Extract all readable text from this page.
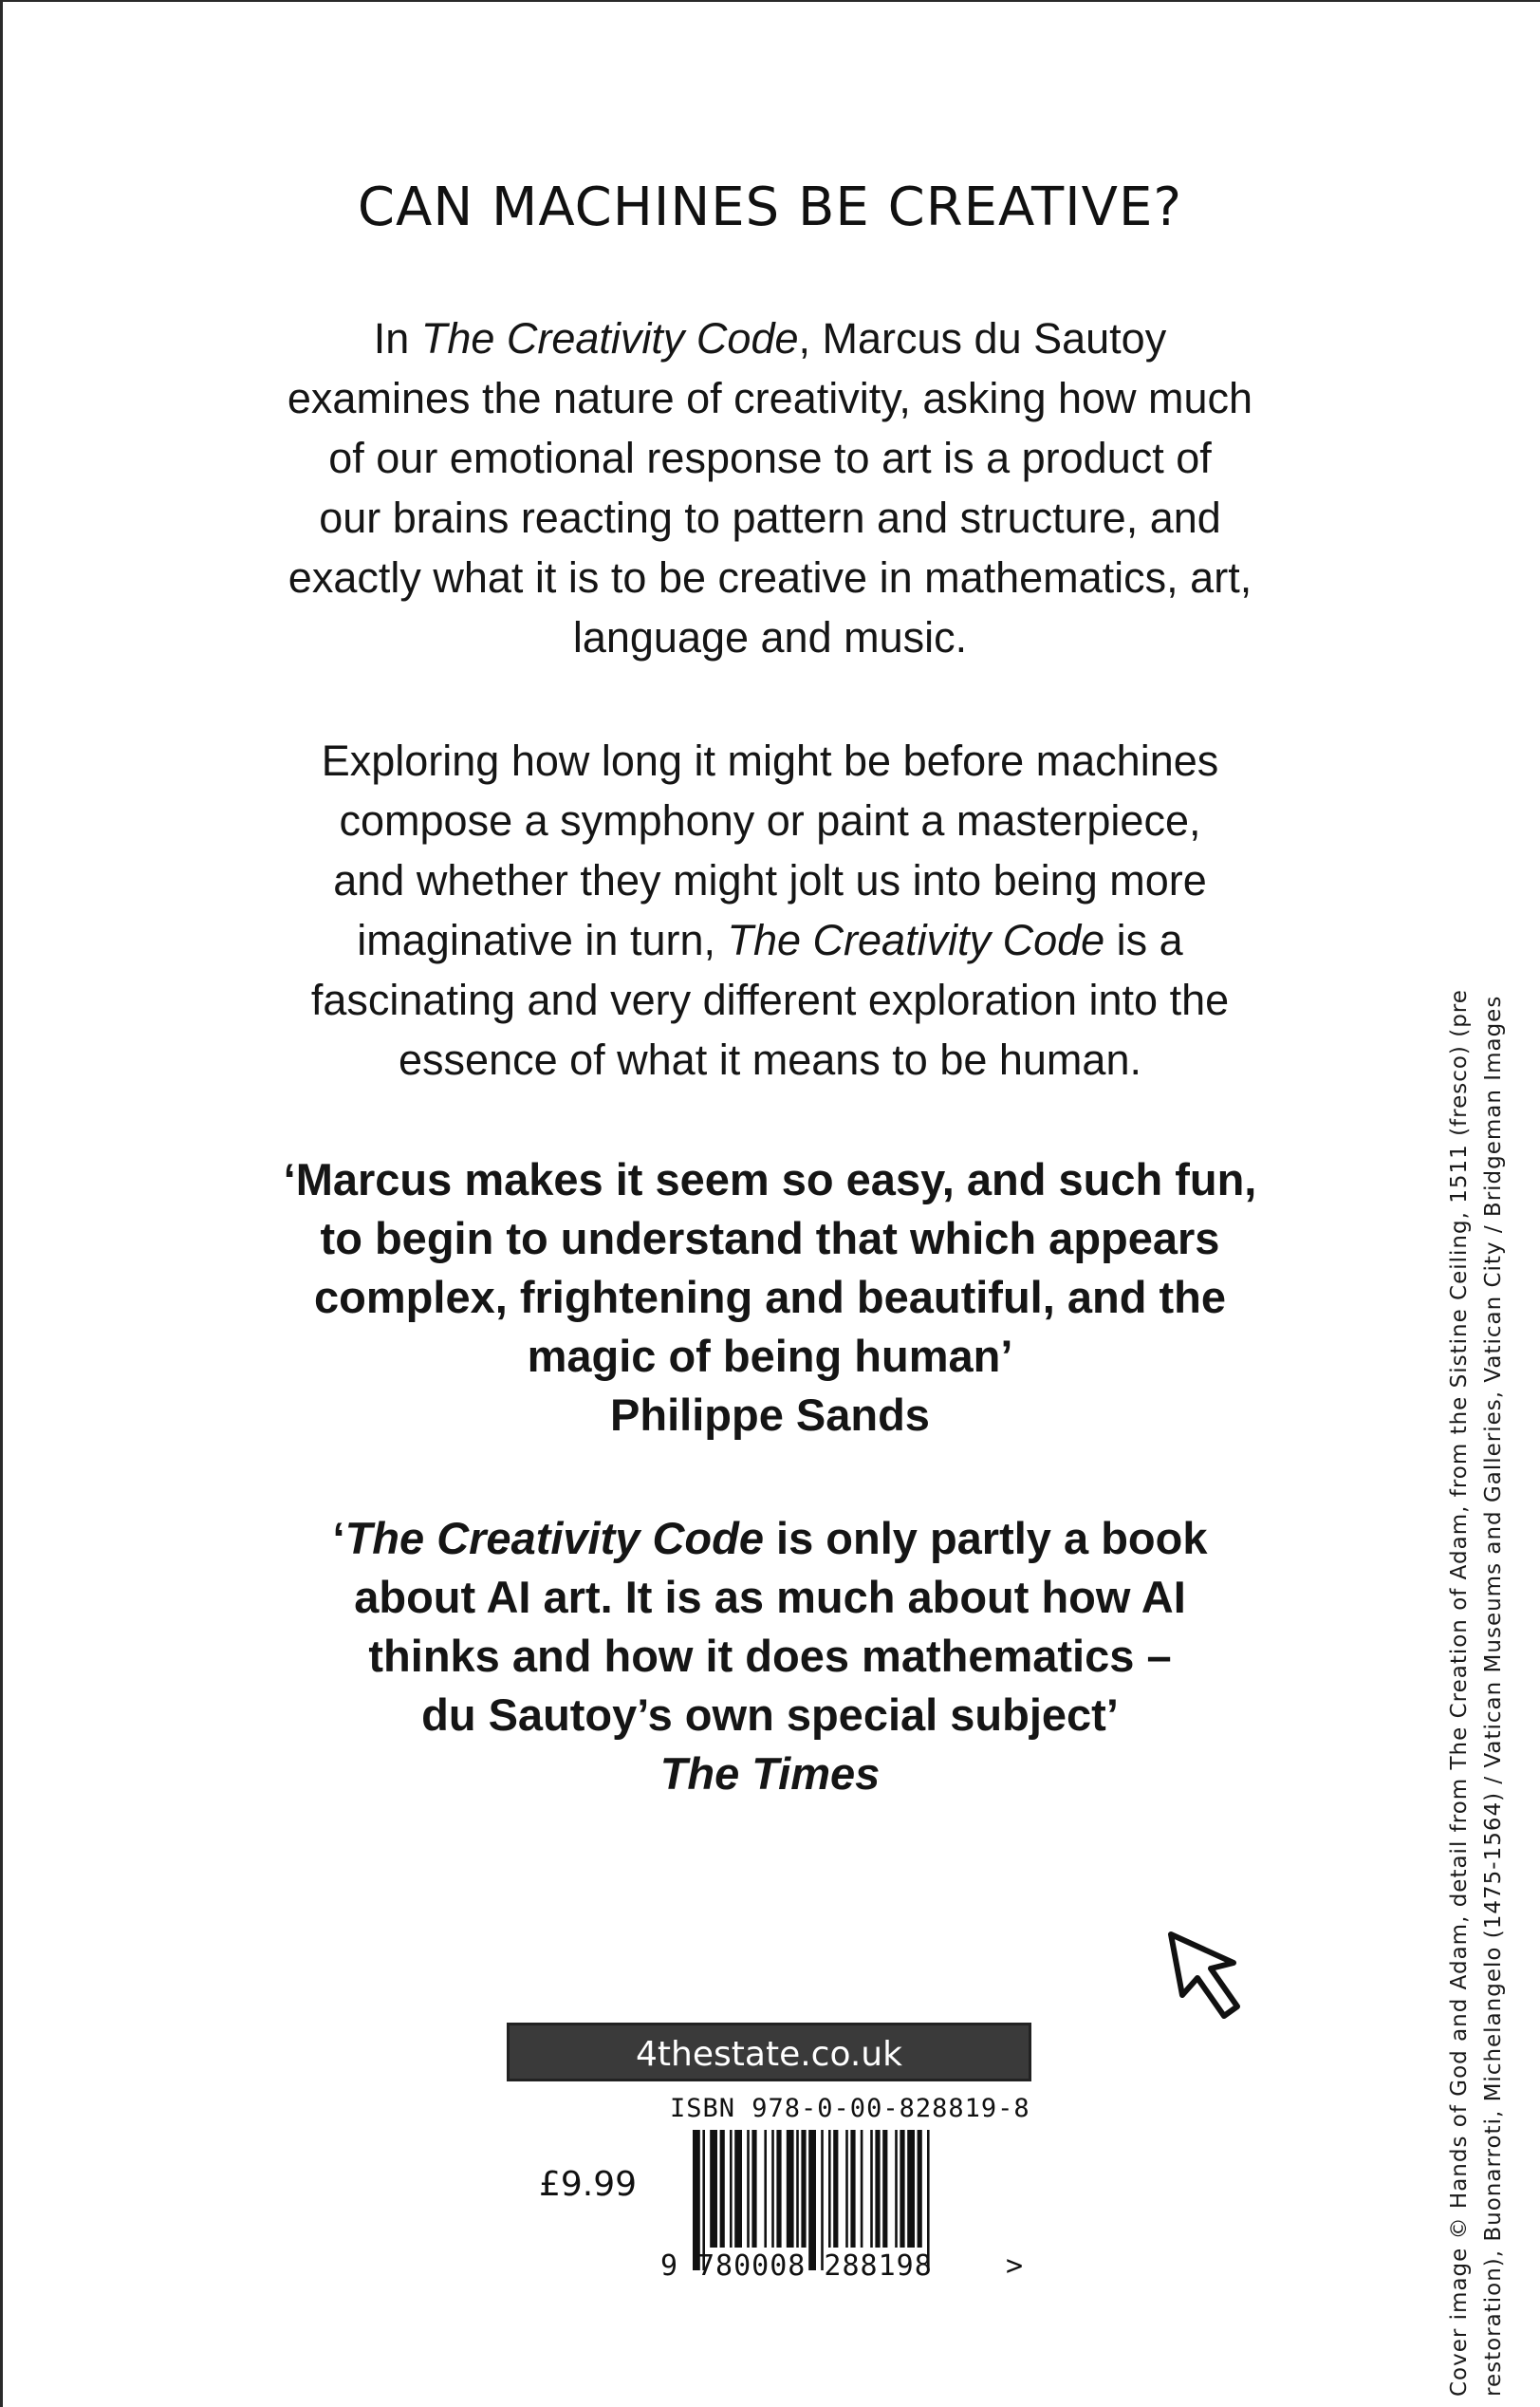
CAN MACHINES BE CREATIVE?
In The Creativity Code, Marcus du Sautoy
examines the nature of creativity, asking how much
of our emotional response to art is a product of
our brains reacting to pattern and structure, and
exactly what it is to be creative in mathematics, art,
language and music.
Exploring how long it might be before machines
compose a symphony or paint a masterpiece,
and whether they might jolt us into being more
imaginative in turn, The Creativity Code is a
fascinating and very different exploration into the
essence of what it means to be human.
‘Marcus makes it seem so easy, and such fun,
to begin to understand that which appears
complex, frightening and beautiful, and the
magic of being human’
Philippe Sands
‘The Creativity Code is only partly a book
about AI art. It is as much about how AI
thinks and how it does mathematics –
du Sautoy’s own special subject’
The Times
4thestate.co.uk
ISBN 978-0-00-828819-8
£9.99
9 780008 288198	>	Cover image © Hands of God and Adam, detail from The Creation of Adam, from the Sistine Ceiling, 1511 (fresco) (pre restoration), Buonarroti, Michelangelo (1475-1564) / Vatican Museums and Galleries, Vatican City / Bridgeman Images
